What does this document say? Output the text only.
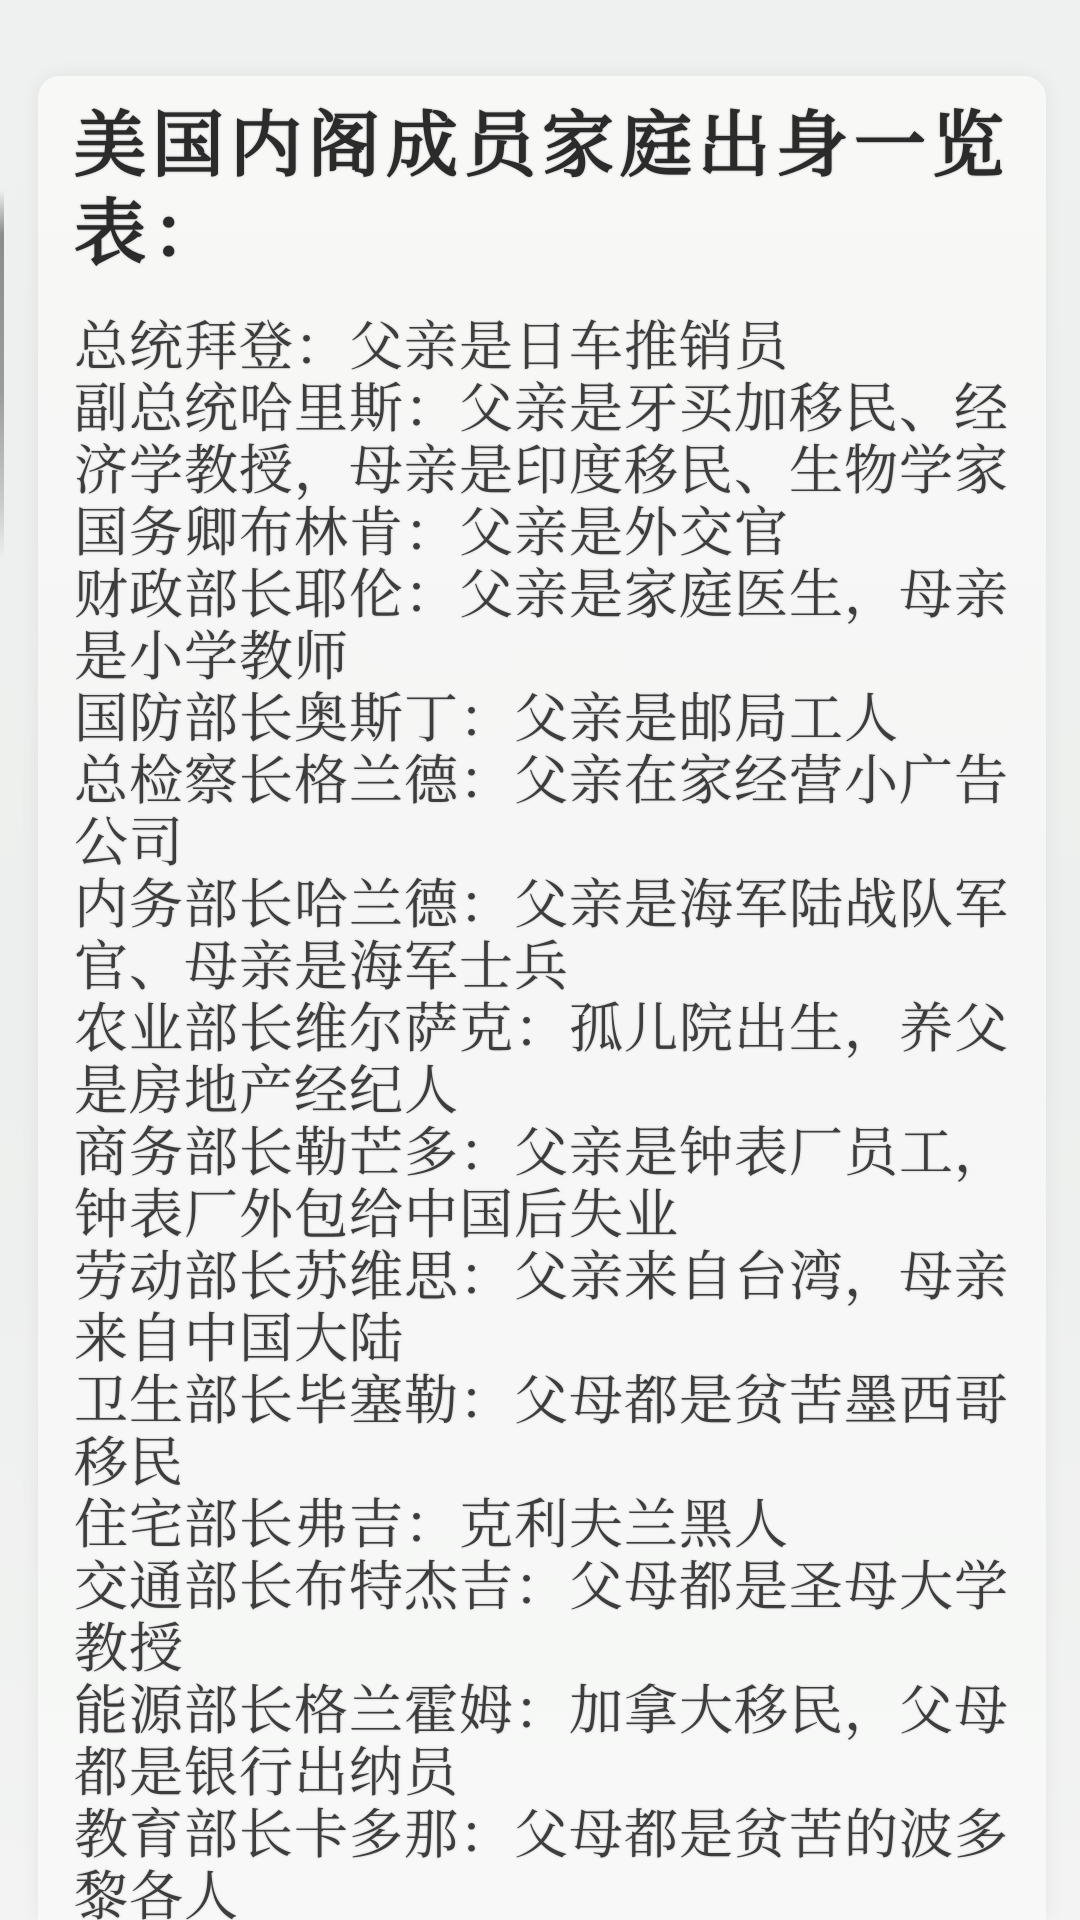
美国内阁成员家庭出身一览
表：
总统拜登：父亲是日车推销员
副总统哈里斯：父亲是牙买加移民、经
济学教授，母亲是印度移民、生物学家
国务卿布林肯：父亲是外交官
财政部长耶伦：父亲是家庭医生，母亲
是小学教师
国防部长奥斯丁：父亲是邮局工人
总检察长格兰德：父亲在家经营小广告
公司
内务部长哈兰德：父亲是海军陆战队军
官、母亲是海军士兵
农业部长维尔萨克：孤儿院出生，养父
是房地产经纪人
商务部长勒芒多：父亲是钟表厂员工，
钟表厂外包给中国后失业
劳动部长苏维思：父亲来自台湾，母亲
来自中国大陆
卫生部长毕塞勒：父母都是贫苦墨西哥
移民
住宅部长弗吉：克利夫兰黑人
交通部长布特杰吉：父母都是圣母大学
教授
能源部长格兰霍姆：加拿大移民，父母
都是银行出纳员
教育部长卡多那：父母都是贫苦的波多
黎各人
